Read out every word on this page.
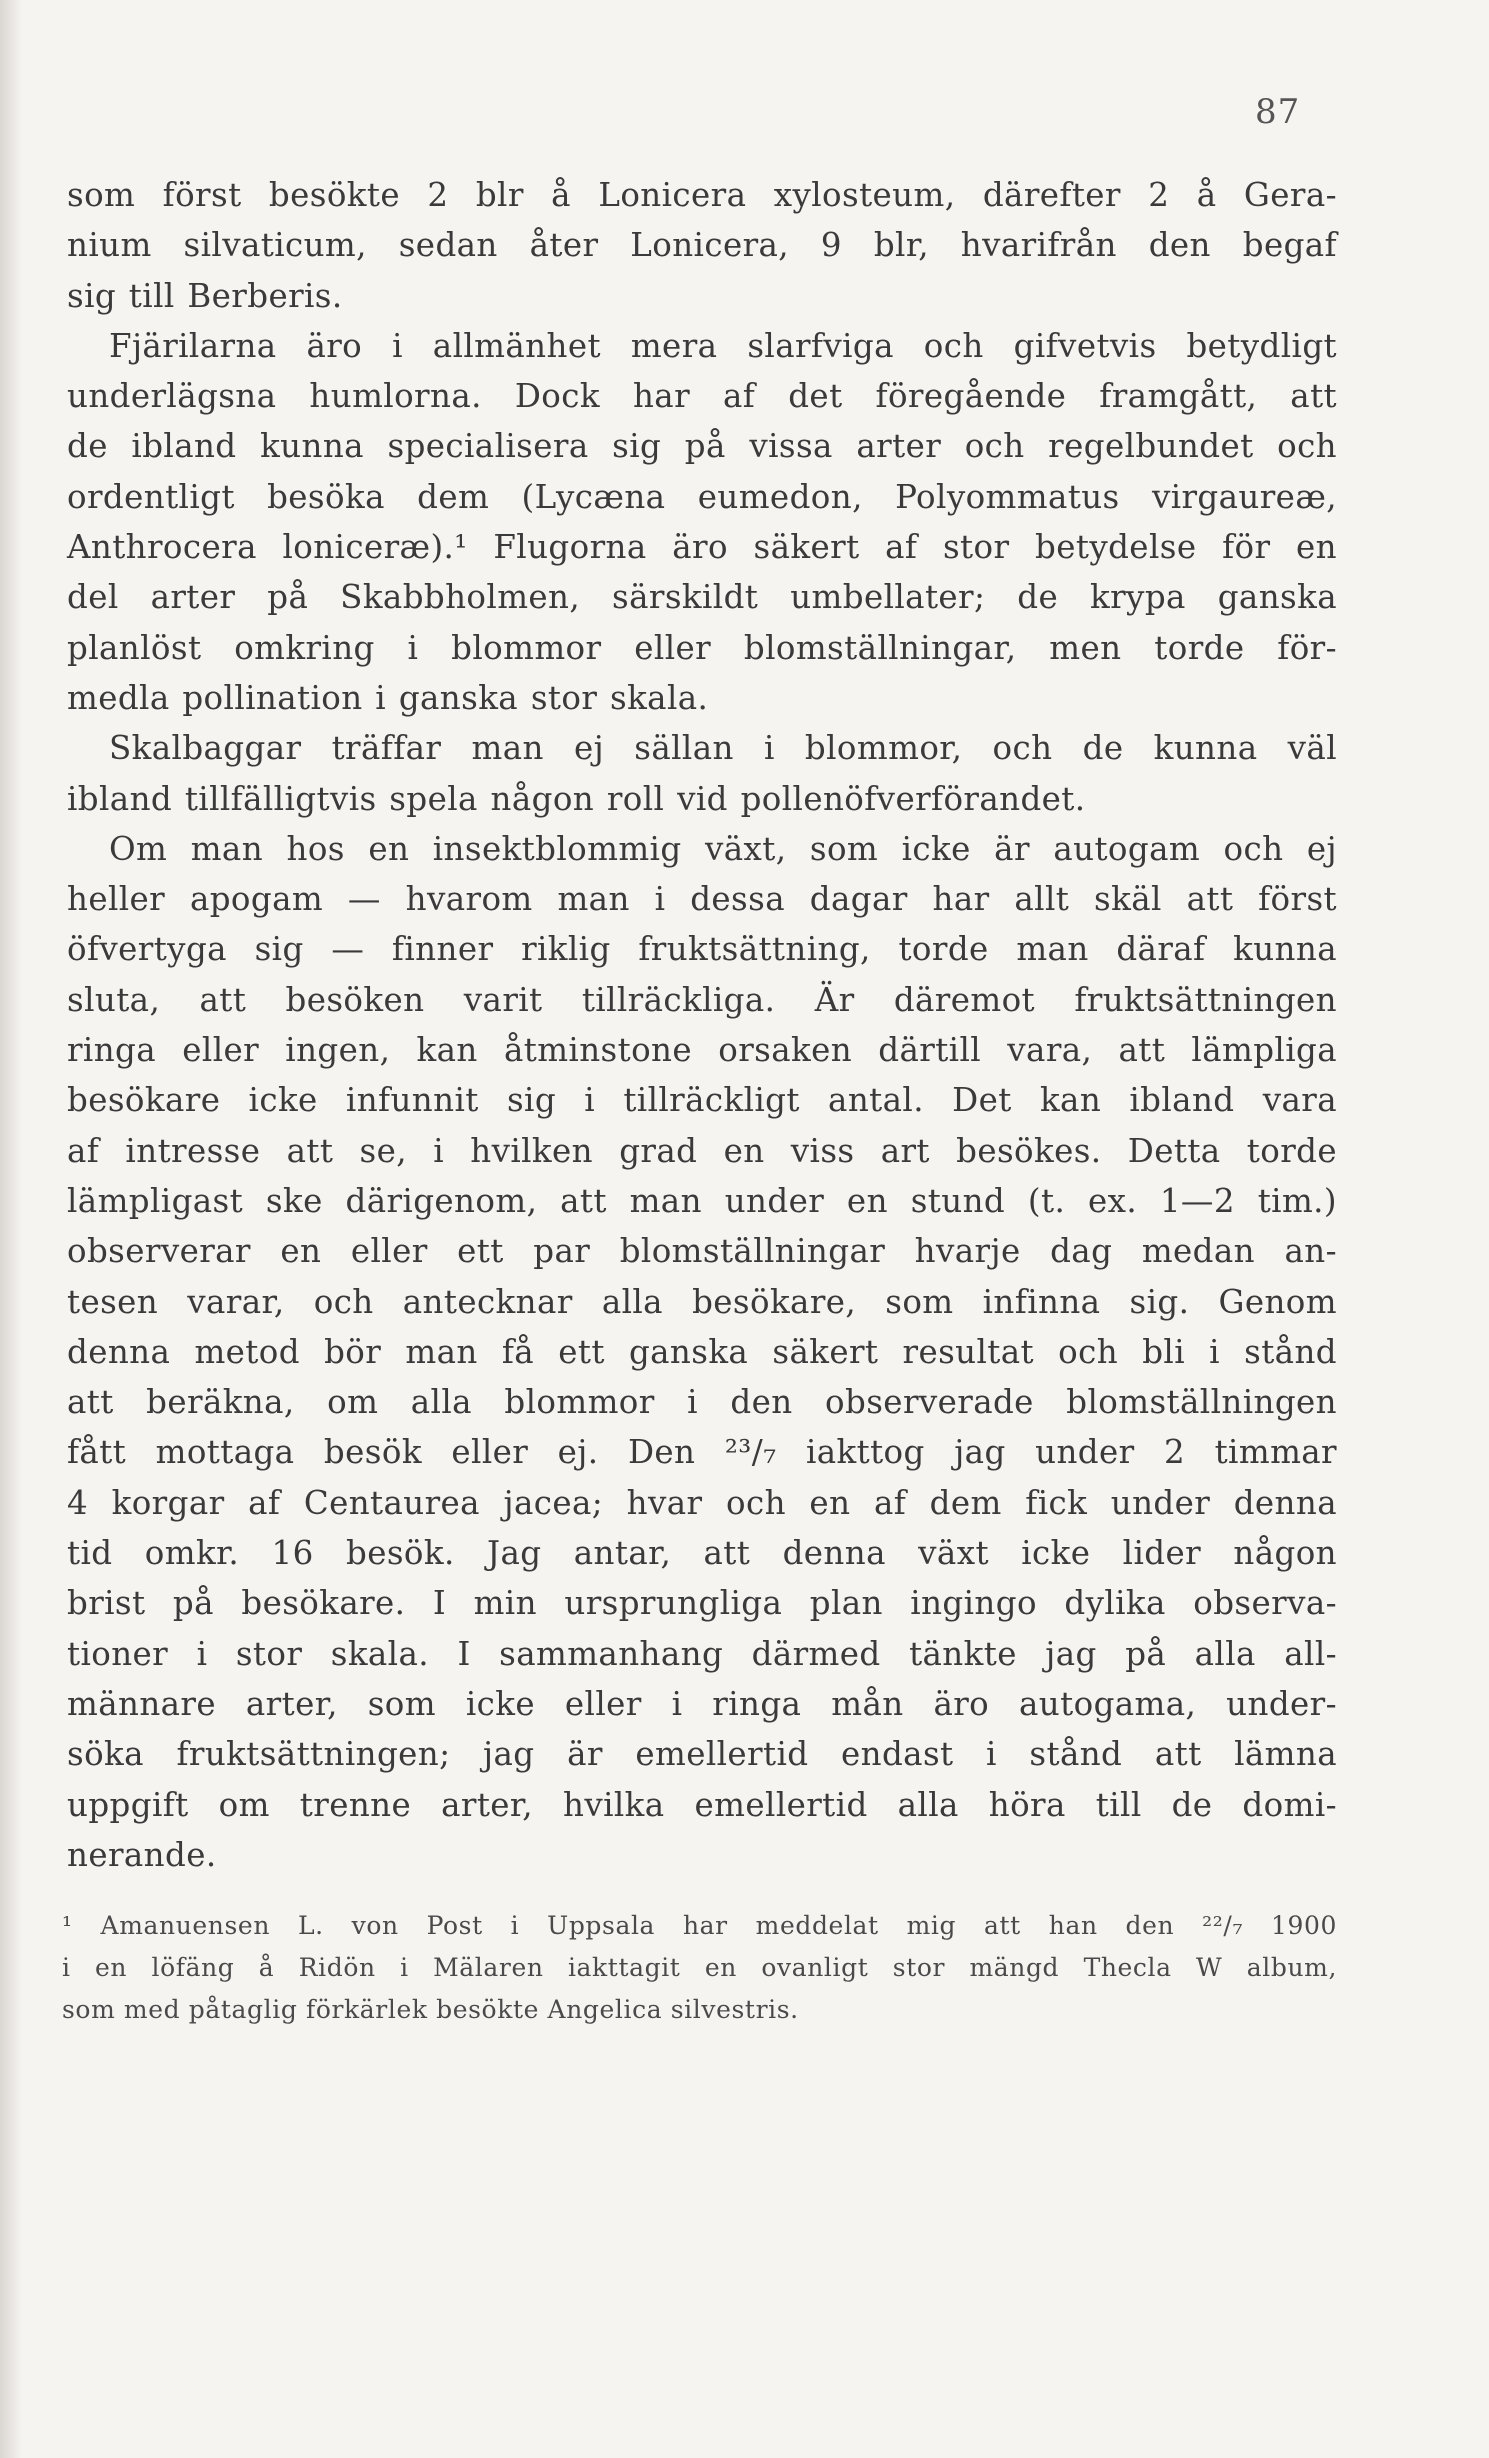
87
som först besökte 2 blr å Lonicera xylosteum, därefter 2 å Gera-
nium silvaticum, sedan åter Lonicera, 9 blr, hvarifrån den begaf
sig till Berberis.
Fjärilarna äro i allmänhet mera slarfviga och gifvetvis betydligt
underlägsna humlorna. Dock har af det föregående framgått, att
de ibland kunna specialisera sig på vissa arter och regelbundet och
ordentligt besöka dem (Lycæna eumedon, Polyommatus virgaureæ,
Anthrocera loniceræ).¹ Flugorna äro säkert af stor betydelse för en
del arter på Skabbholmen, särskildt umbellater; de krypa ganska
planlöst omkring i blommor eller blomställningar, men torde för-
medla pollination i ganska stor skala.
Skalbaggar träffar man ej sällan i blommor, och de kunna väl
ibland tillfälligtvis spela någon roll vid pollenöfverförandet.
Om man hos en insektblommig växt, som icke är autogam och ej
heller apogam — hvarom man i dessa dagar har allt skäl att först
öfvertyga sig — finner riklig fruktsättning, torde man däraf kunna
sluta, att besöken varit tillräckliga. Är däremot fruktsättningen
ringa eller ingen, kan åtminstone orsaken därtill vara, att lämpliga
besökare icke infunnit sig i tillräckligt antal. Det kan ibland vara
af intresse att se, i hvilken grad en viss art besökes. Detta torde
lämpligast ske därigenom, att man under en stund (t. ex. 1—2 tim.)
observerar en eller ett par blomställningar hvarje dag medan an-
tesen varar, och antecknar alla besökare, som infinna sig. Genom
denna metod bör man få ett ganska säkert resultat och bli i stånd
att beräkna, om alla blommor i den observerade blomställningen
fått mottaga besök eller ej. Den ²³/₇ iakttog jag under 2 timmar
4 korgar af Centaurea jacea; hvar och en af dem fick under denna
tid omkr. 16 besök. Jag antar, att denna växt icke lider någon
brist på besökare. I min ursprungliga plan ingingo dylika observa-
tioner i stor skala. I sammanhang därmed tänkte jag på alla all-
männare arter, som icke eller i ringa mån äro autogama, under-
söka fruktsättningen; jag är emellertid endast i stånd att lämna
uppgift om trenne arter, hvilka emellertid alla höra till de domi-
nerande.
¹ Amanuensen L. von Post i Uppsala har meddelat mig att han den ²²/₇ 1900
i en löfäng å Ridön i Mälaren iakttagit en ovanligt stor mängd Thecla W album,
som med påtaglig förkärlek besökte Angelica silvestris.
